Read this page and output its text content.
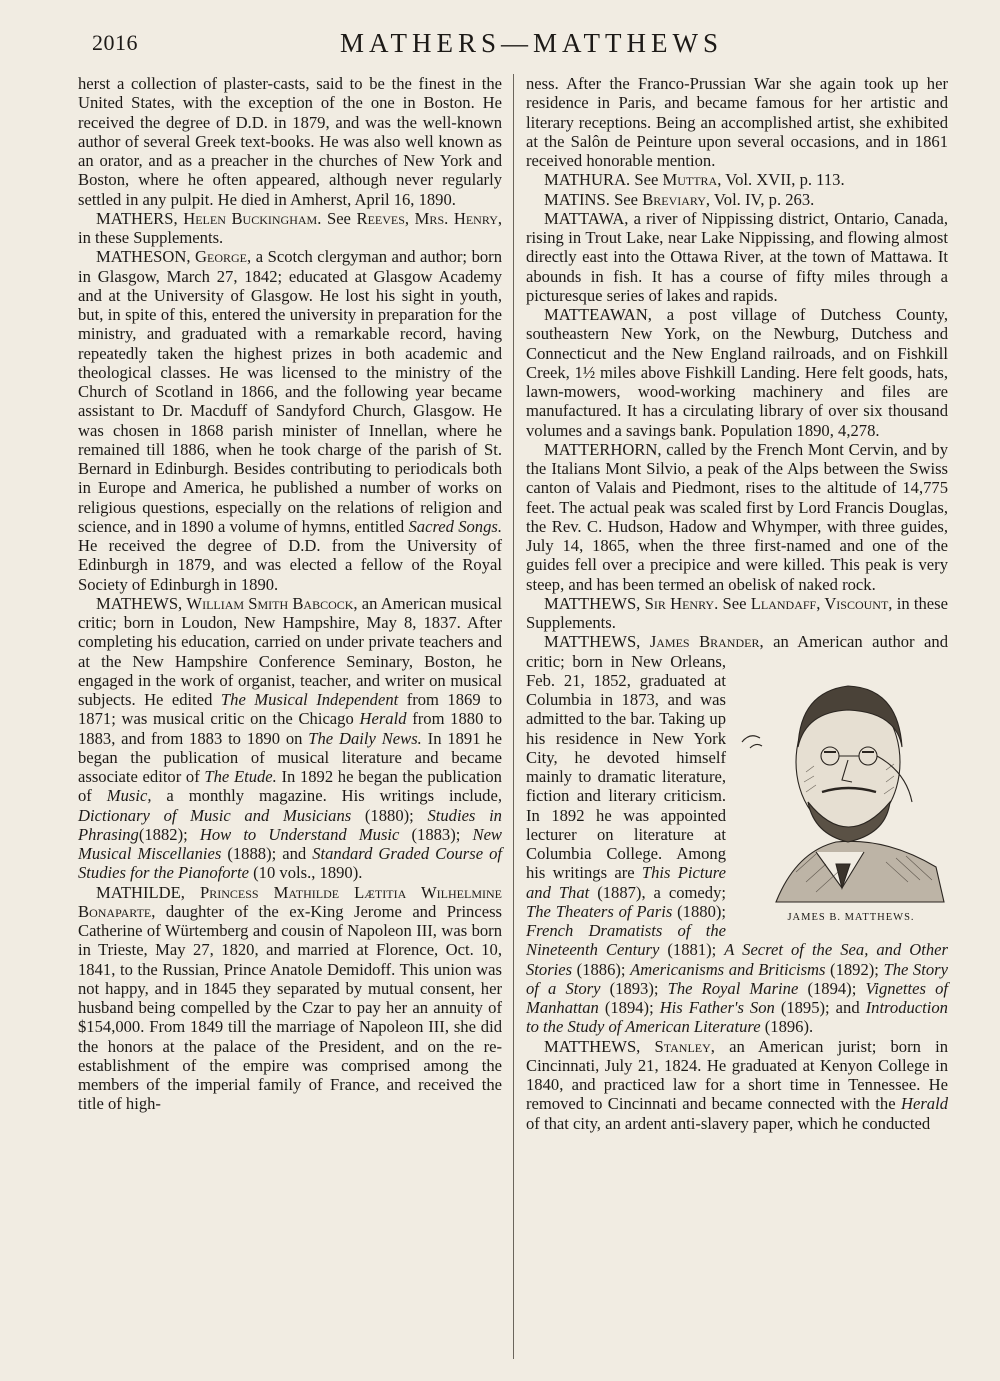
2016	MATHERS—MATTHEWS

herst a collection of plaster-casts, said to be the finest in the United States, with the exception of the one in Boston. He received the degree of D.D. in 1879, and was the well-known author of several Greek text-books. He was also well known as an orator, and as a preacher in the churches of New York and Boston, where he often appeared, although never regularly settled in any pulpit. He died in Amherst, April 16, 1890.

MATHERS, Helen Buckingham. See Reeves, Mrs. Henry, in these Supplements.

MATHESON, George, a Scotch clergyman and author; born in Glasgow, March 27, 1842; educated at Glasgow Academy and at the University of Glasgow. He lost his sight in youth, but, in spite of this, entered the university in preparation for the ministry, and graduated with a remarkable record, having repeatedly taken the highest prizes in both academic and theological classes. He was licensed to the ministry of the Church of Scotland in 1866, and the following year became assistant to Dr. Macduff of Sandyford Church, Glasgow. He was chosen in 1868 parish minister of Innellan, where he remained till 1886, when he took charge of the parish of St. Bernard in Edinburgh. Besides contributing to periodicals both in Europe and America, he published a number of works on religious questions, especially on the relations of religion and science, and in 1890 a volume of hymns, entitled Sacred Songs. He received the degree of D.D. from the University of Edinburgh in 1879, and was elected a fellow of the Royal Society of Edinburgh in 1890.

MATHEWS, William Smith Babcock, an American musical critic; born in Loudon, New Hampshire, May 8, 1837. After completing his education, carried on under private teachers and at the New Hampshire Conference Seminary, Boston, he engaged in the work of organist, teacher, and writer on musical subjects. He edited The Musical Independent from 1869 to 1871; was musical critic on the Chicago Herald from 1880 to 1883, and from 1883 to 1890 on The Daily News. In 1891 he began the publication of musical literature and became associate editor of The Etude. In 1892 he began the publication of Music, a monthly magazine. His writings include, Dictionary of Music and Musicians (1880); Studies in Phrasing(1882); How to Understand Music (1883); New Musical Miscellanies (1888); and Standard Graded Course of Studies for the Pianoforte (10 vols., 1890).

MATHILDE, Princess Mathilde Lætitia Wilhelmine Bonaparte, daughter of the ex-King Jerome and Princess Catherine of Würtemberg and cousin of Napoleon III, was born in Trieste, May 27, 1820, and married at Florence, Oct. 10, 1841, to the Russian, Prince Anatole Demidoff. This union was not happy, and in 1845 they separated by mutual consent, her husband being compelled by the Czar to pay her an annuity of $154,000. From 1849 till the marriage of Napoleon III, she did the honors at the palace of the President, and on the re-establishment of the empire was comprised among the members of the imperial family of France, and received the title of high-

ness. After the Franco-Prussian War she again took up her residence in Paris, and became famous for her artistic and literary receptions. Being an accomplished artist, she exhibited at the Salôn de Peinture upon several occasions, and in 1861 received honorable mention.

MATHURA. See Muttra, Vol. XVII, p. 113.

MATINS. See Breviary, Vol. IV, p. 263.

MATTAWA, a river of Nippissing district, Ontario, Canada, rising in Trout Lake, near Lake Nippissing, and flowing almost directly east into the Ottawa River, at the town of Mattawa. It abounds in fish. It has a course of fifty miles through a picturesque series of lakes and rapids.

MATTEAWAN, a post village of Dutchess County, southeastern New York, on the Newburg, Dutchess and Connecticut and the New England railroads, and on Fishkill Creek, 1½ miles above Fishkill Landing. Here felt goods, hats, lawn-mowers, wood-working machinery and files are manufactured. It has a circulating library of over six thousand volumes and a savings bank. Population 1890, 4,278.

MATTERHORN, called by the French Mont Cervin, and by the Italians Mont Silvio, a peak of the Alps between the Swiss canton of Valais and Piedmont, rises to the altitude of 14,775 feet. The actual peak was scaled first by Lord Francis Douglas, the Rev. C. Hudson, Hadow and Whymper, with three guides, July 14, 1865, when the three first-named and one of the guides fell over a precipice and were killed. This peak is very steep, and has been termed an obelisk of naked rock.

MATTHEWS, Sir Henry. See Llandaff, Viscount, in these Supplements.

MATTHEWS, James Brander,
JAMES B. MATTHEWS.
an American author and critic; born in New Orleans, Feb. 21, 1852, graduated at Columbia in 1873, and was admitted to the bar. Taking up his residence in New York City, he devoted himself mainly to dramatic literature, fiction and literary criticism. In 1892 he was appointed lecturer on literature at Columbia College. Among his writings are This Picture and That (1887), a comedy; The Theaters of Paris (1880); French Dramatists of the Nineteenth Century (1881); A Secret of the Sea, and Other Stories (1886); Americanisms and Briticisms (1892); The Story of a Story (1893); The Royal Marine (1894); Vignettes of Manhattan (1894); His Father's Son (1895); and Introduction to the Study of American Literature (1896).

MATTHEWS, Stanley, an American jurist; born in Cincinnati, July 21, 1824. He graduated at Kenyon College in 1840, and practiced law for a short time in Tennessee. He removed to Cincinnati and became connected with the Herald of that city, an ardent anti-slavery paper, which he conducted
